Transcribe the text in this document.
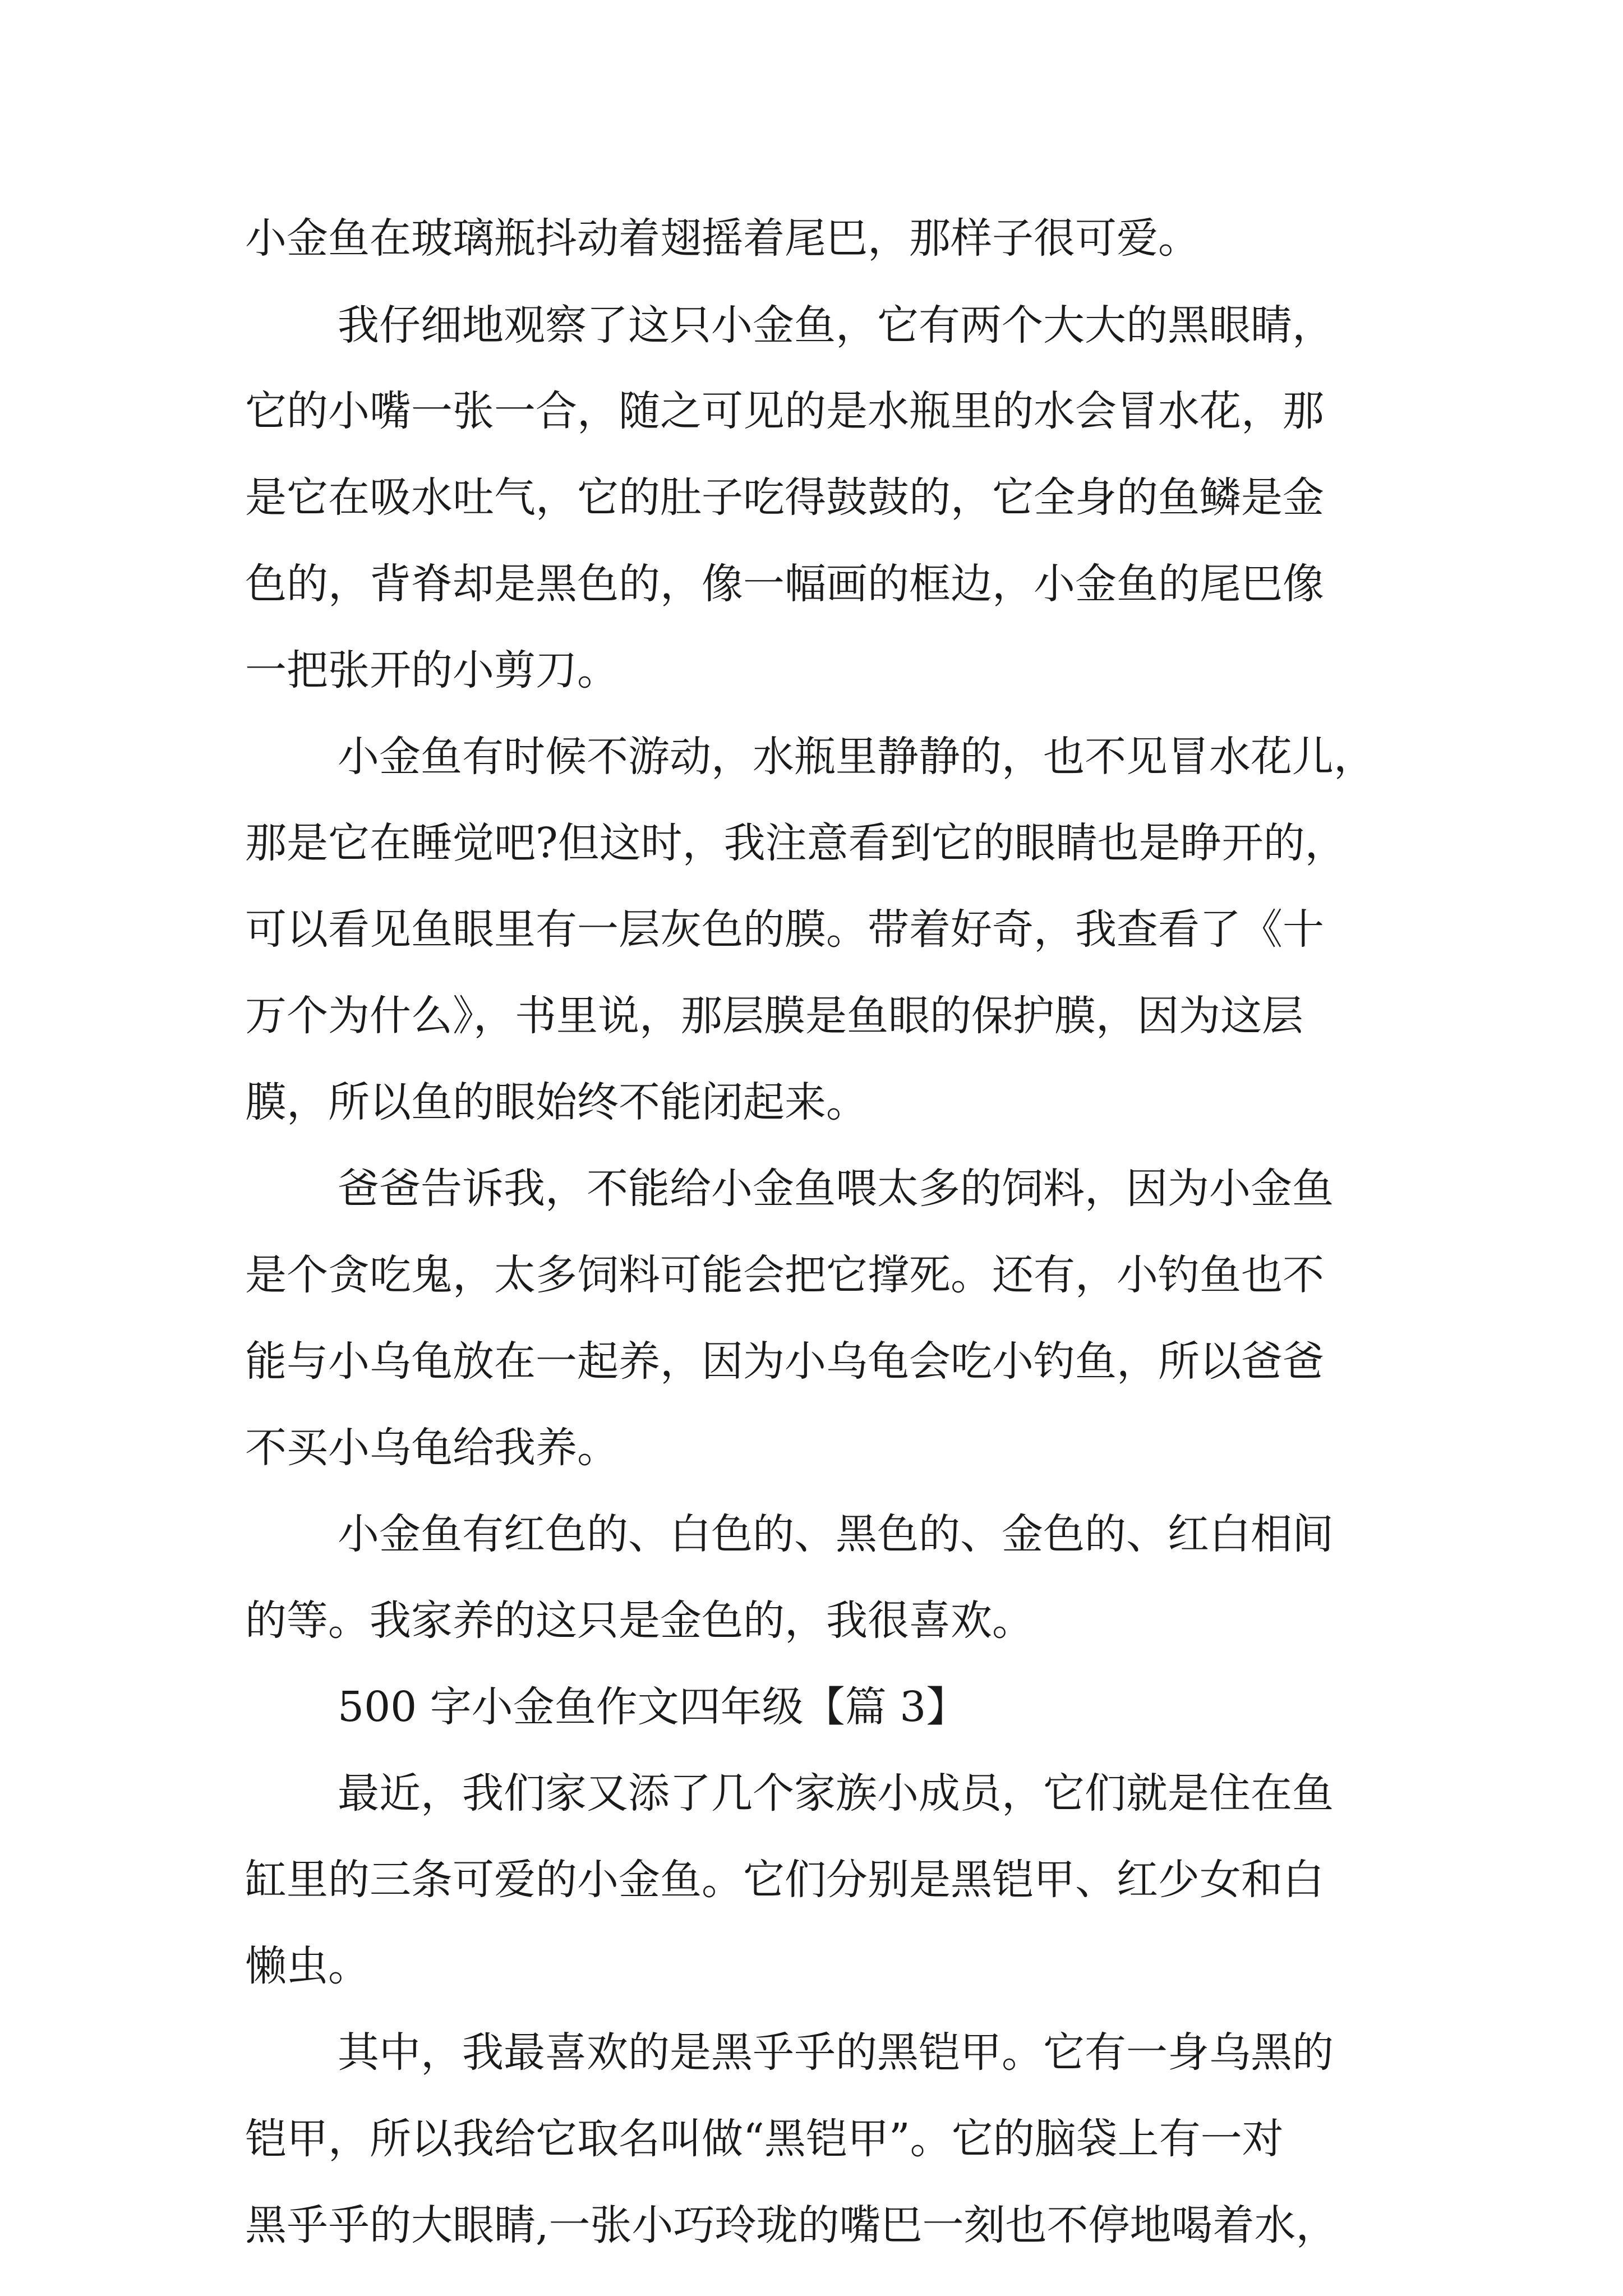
小金鱼在玻璃瓶抖动着翅摇着尾巴，那样子很可爱。
我仔细地观察了这只小金鱼，它有两个大大的黑眼睛，
它的小嘴一张一合，随之可见的是水瓶里的水会冒水花，那
是它在吸水吐气，它的肚子吃得鼓鼓的，它全身的鱼鳞是金
色的，背脊却是黑色的，像一幅画的框边，小金鱼的尾巴像
一把张开的小剪刀。
小金鱼有时候不游动，水瓶里静静的，也不见冒水花儿，
那是它在睡觉吧?但这时，我注意看到它的眼睛也是睁开的，
可以看见鱼眼里有一层灰色的膜。带着好奇，我查看了《十
万个为什么》，书里说，那层膜是鱼眼的保护膜，因为这层
膜，所以鱼的眼始终不能闭起来。
爸爸告诉我，不能给小金鱼喂太多的饲料，因为小金鱼
是个贪吃鬼，太多饲料可能会把它撑死。还有，小钓鱼也不
能与小乌龟放在一起养，因为小乌龟会吃小钓鱼，所以爸爸
不买小乌龟给我养。
小金鱼有红色的、白色的、黑色的、金色的、红白相间
的等。我家养的这只是金色的，我很喜欢。
500 字小金鱼作文四年级【篇 3】
最近，我们家又添了几个家族小成员，它们就是住在鱼
缸里的三条可爱的小金鱼。它们分别是黑铠甲、红少女和白
懒虫。
其中，我最喜欢的是黑乎乎的黑铠甲。它有一身乌黑的
铠甲，所以我给它取名叫做“黑铠甲”。它的脑袋上有一对
黑乎乎的大眼睛,一张小巧玲珑的嘴巴一刻也不停地喝着水，
